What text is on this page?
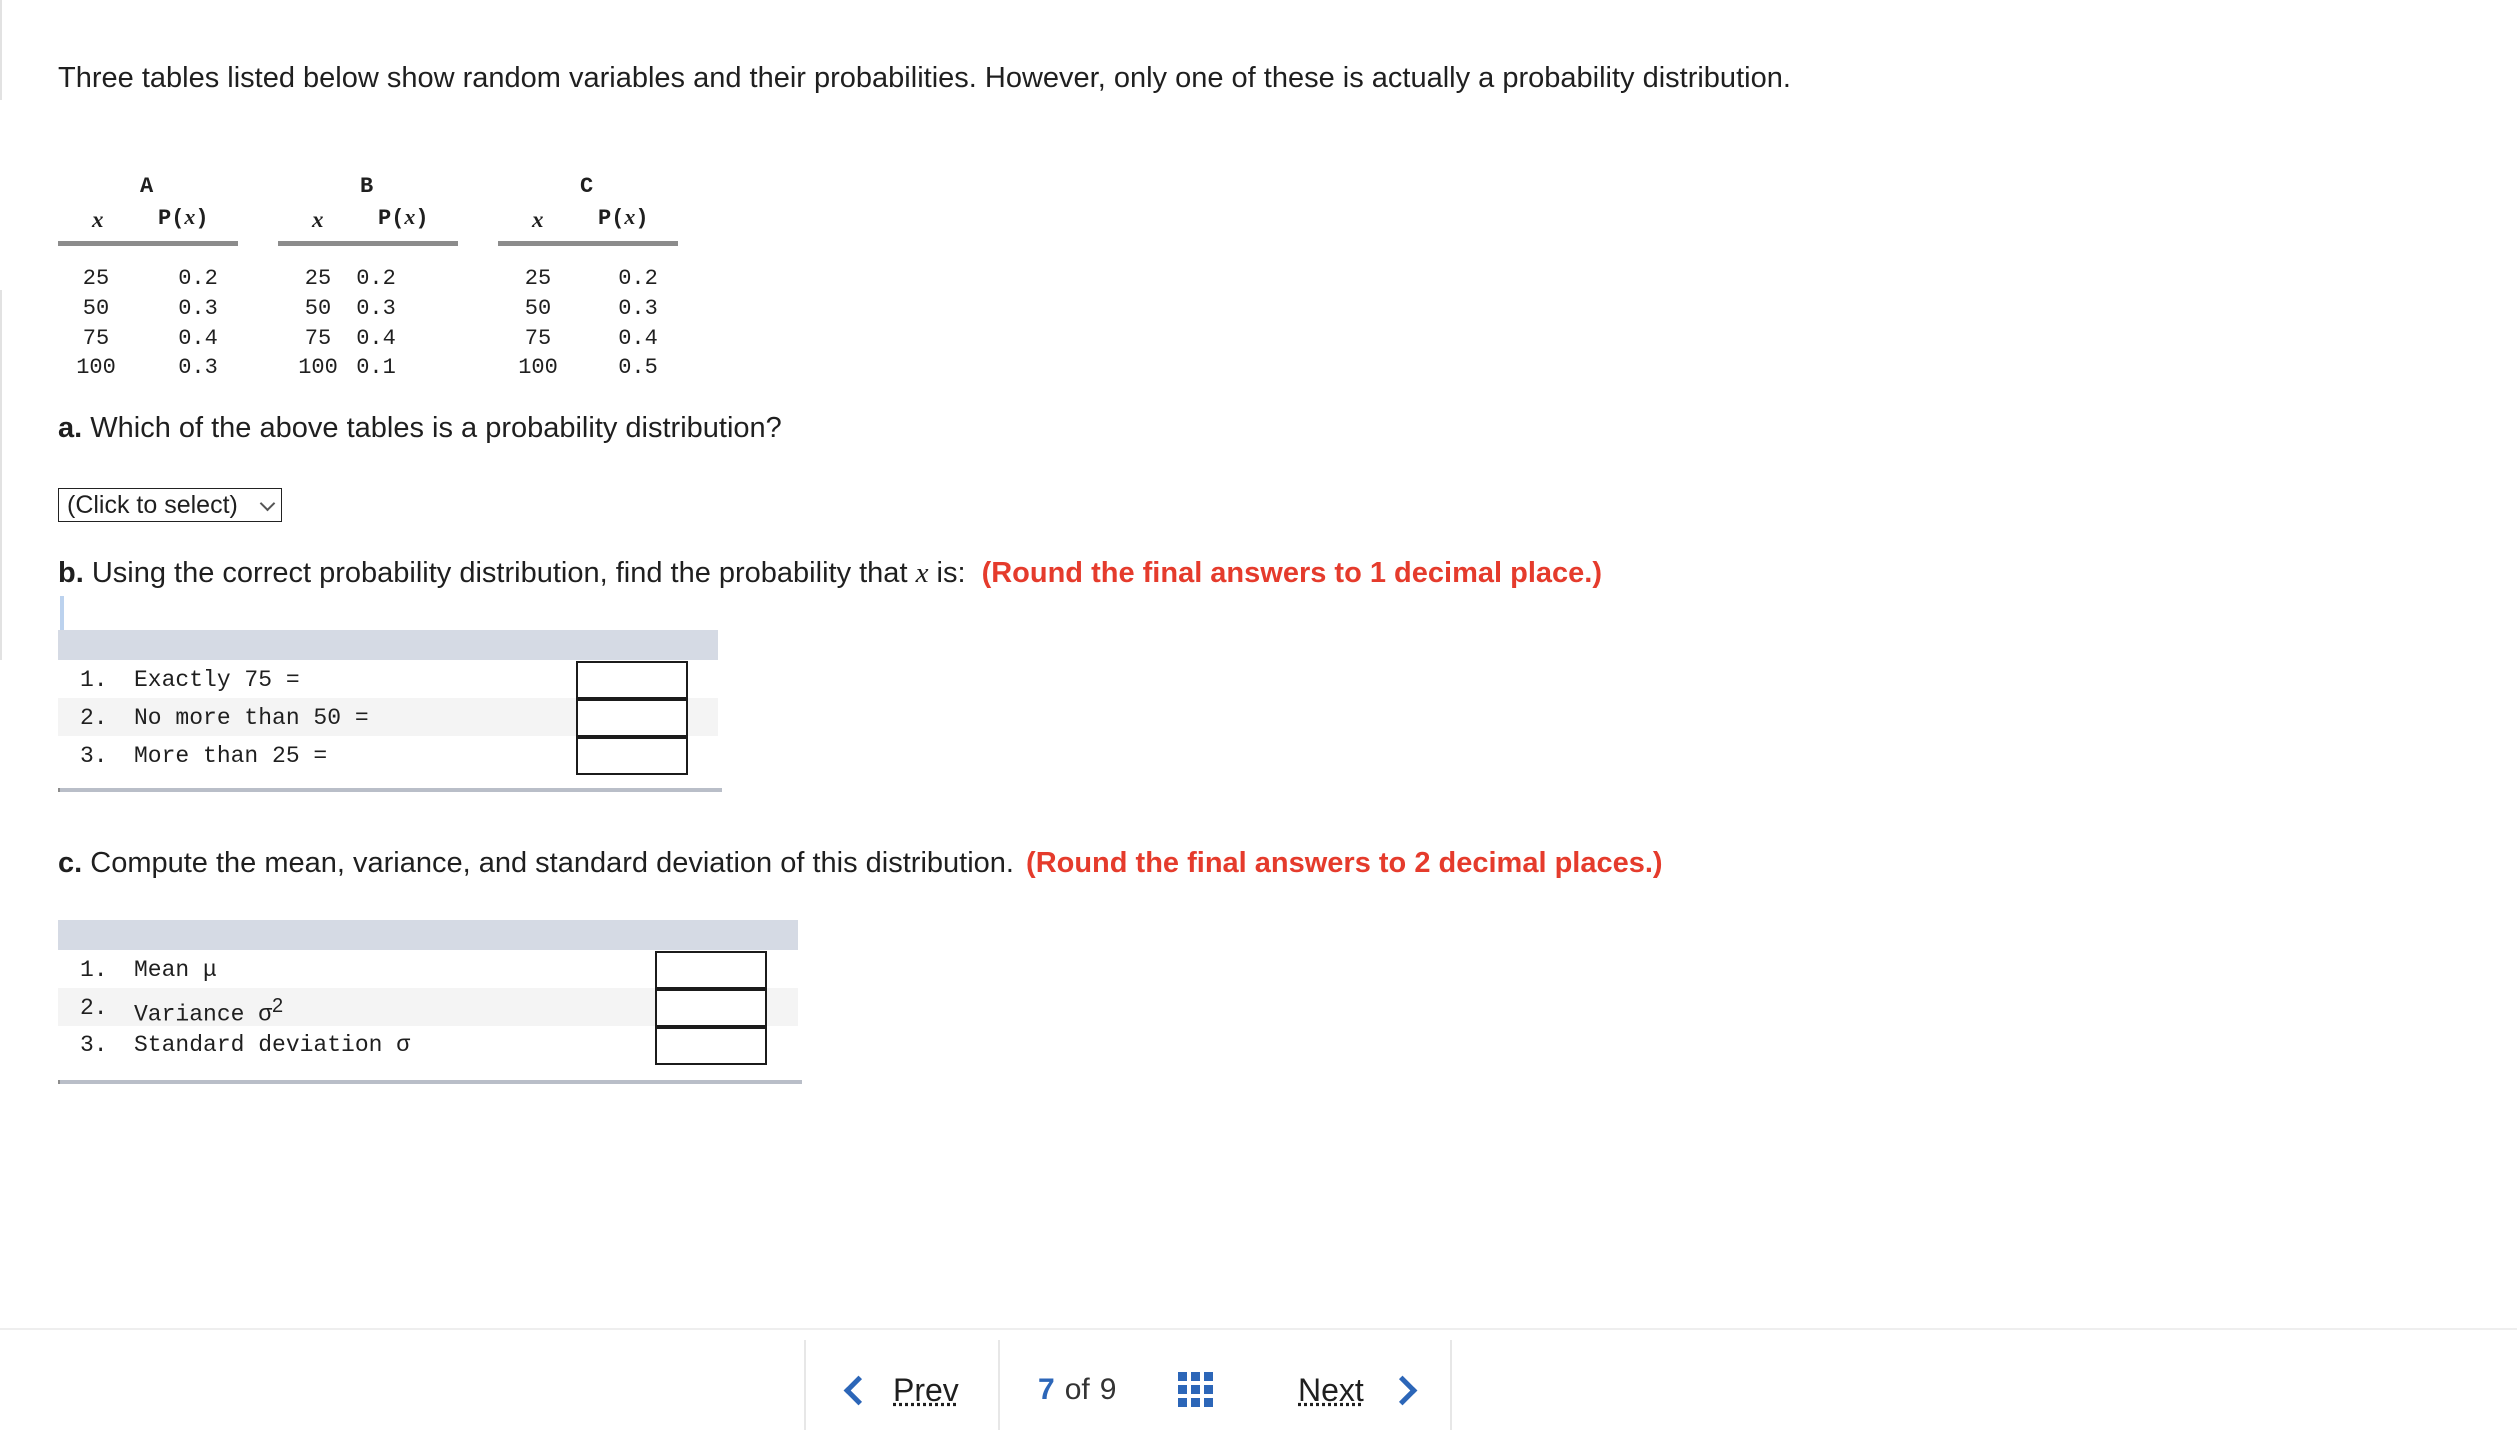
Three tables listed below show random variables and their probabilities. However, only one of these is actually a probability distribution.
A
x P(x)
25
50
75
100
0.2
0.3
0.4
0.3
B
x P(x)
25
50
75
100
0.2
0.3
0.4
0.1
C
x P(x)
25
50
75
100
0.2
0.3
0.4
0.5
a. Which of the above tables is a probability distribution?
(Click to select)
b. Using the correct probability distribution, find the probability that x is: (Round the final answers to 1 decimal place.)
1. Exactly 75 =
2. No more than 50 =
3. More than 25 =
c. Compute the mean, variance, and standard deviation of this distribution. (Round the final answers to 2 decimal places.)
1. Mean μ
2. Variance $\sigma^2$
3. Standard deviation σ
Prev	7 of 9	Next
